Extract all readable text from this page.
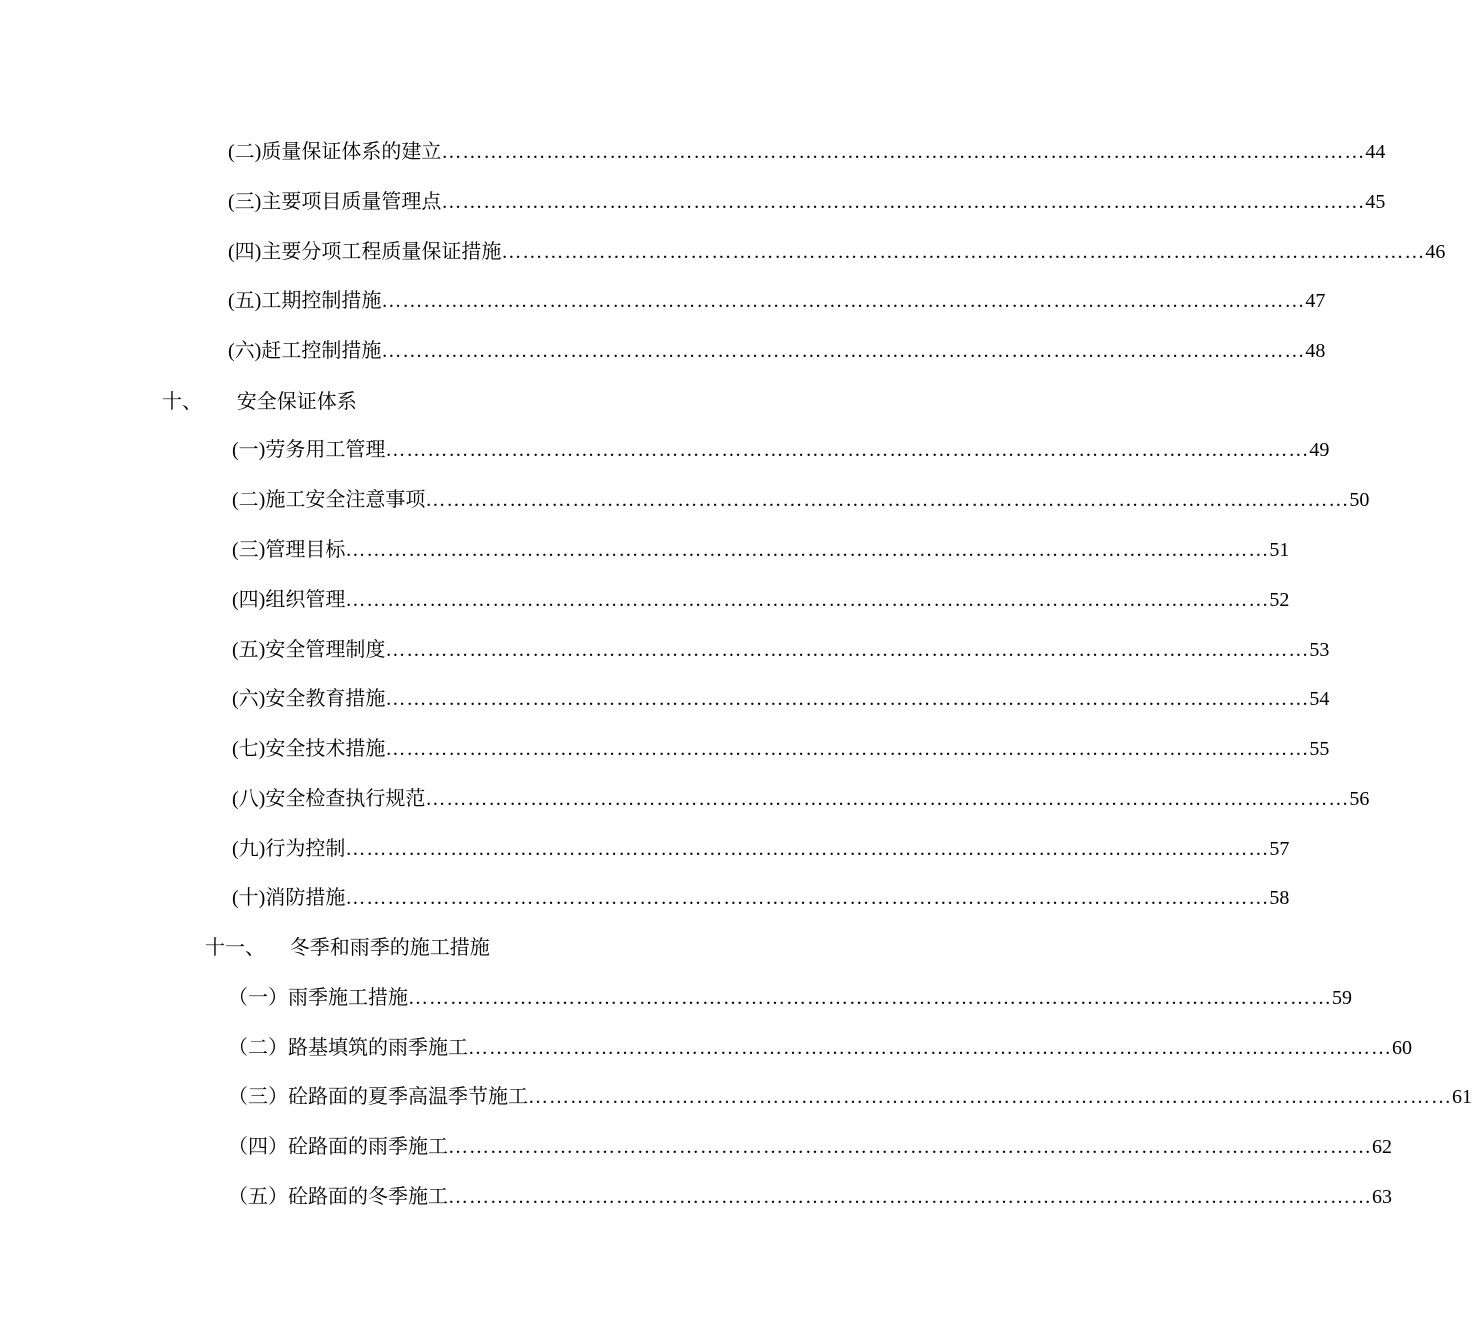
(二) 质量保证体系的建立 …………………………………………………………………………………………………………………… 44
(三) 主要项目质量管理点 …………………………………………………………………………………………………………………… 45
(四) 主要分项工程质量保证措施 …………………………………………………………………………………………………………………… 46
(五) 工期控制措施 …………………………………………………………………………………………………………………… 47
(六) 赶工控制措施 …………………………………………………………………………………………………………………… 48
十、 安全保证体系
(一) 劳务用工管理 …………………………………………………………………………………………………………………… 49
(二) 施工安全注意事项 …………………………………………………………………………………………………………………… 50
(三) 管理目标 …………………………………………………………………………………………………………………… 51
(四) 组织管理 …………………………………………………………………………………………………………………… 52
(五) 安全管理制度 …………………………………………………………………………………………………………………… 53
(六) 安全教育措施 …………………………………………………………………………………………………………………… 54
(七) 安全技术措施 …………………………………………………………………………………………………………………… 55
(八) 安全检查执行规范 …………………………………………………………………………………………………………………… 56
(九) 行为控制 …………………………………………………………………………………………………………………… 57
(十) 消防措施 …………………………………………………………………………………………………………………… 58
十一、 冬季和雨季的施工措施
（一） 雨季施工措施 …………………………………………………………………………………………………………………… 59
（二） 路基填筑的雨季施工 …………………………………………………………………………………………………………………… 60
（三） 砼路面的夏季高温季节施工 …………………………………………………………………………………………………………………… 61
（四） 砼路面的雨季施工 …………………………………………………………………………………………………………………… 62
（五） 砼路面的冬季施工 …………………………………………………………………………………………………………………… 63
